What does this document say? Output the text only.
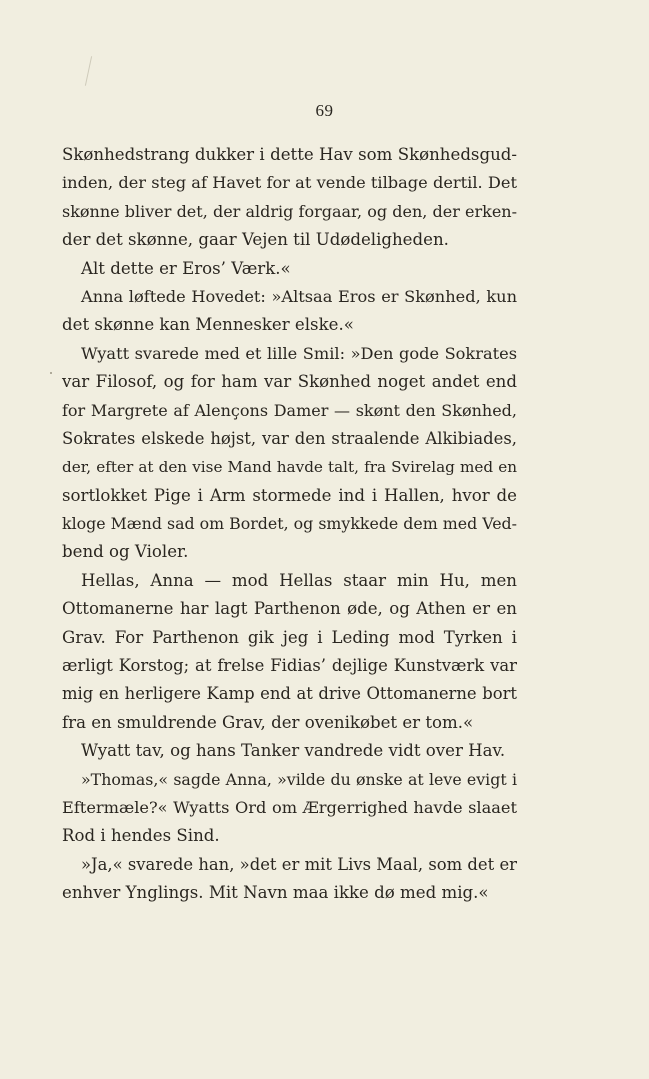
69
Skønhedstrang dukker i dette Hav som Skønhedsgud-
inden, der steg af Havet for at vende tilbage dertil. Det
skønne bliver det, der aldrig forgaar, og den, der erken-
der det skønne, gaar Vejen til Udødeligheden.
Alt dette er Eros’ Værk.«
Anna løftede Hovedet: »Altsaa Eros er Skønhed, kun
det skønne kan Mennesker elske.«
Wyatt svarede med et lille Smil: »Den gode Sokrates
var Filosof, og for ham var Skønhed noget andet end
for Margrete af Alençons Damer — skønt den Skønhed,
Sokrates elskede højst, var den straalende Alkibiades,
der, efter at den vise Mand havde talt, fra Svirelag med en
sortlokket Pige i Arm stormede ind i Hallen, hvor de
kloge Mænd sad om Bordet, og smykkede dem med Ved-
bend og Violer.
Hellas, Anna — mod Hellas staar min Hu, men
Ottomanerne har lagt Parthenon øde, og Athen er en
Grav. For Parthenon gik jeg i Leding mod Tyrken i
ærligt Korstog; at frelse Fidias’ dejlige Kunstværk var
mig en herligere Kamp end at drive Ottomanerne bort
fra en smuldrende Grav, der ovenikøbet er tom.«
Wyatt tav, og hans Tanker vandrede vidt over Hav.
»Thomas,« sagde Anna, »vilde du ønske at leve evigt i
Eftermæle?« Wyatts Ord om Ærgerrighed havde slaaet
Rod i hendes Sind.
»Ja,« svarede han, »det er mit Livs Maal, som det er
enhver Ynglings. Mit Navn maa ikke dø med mig.«
